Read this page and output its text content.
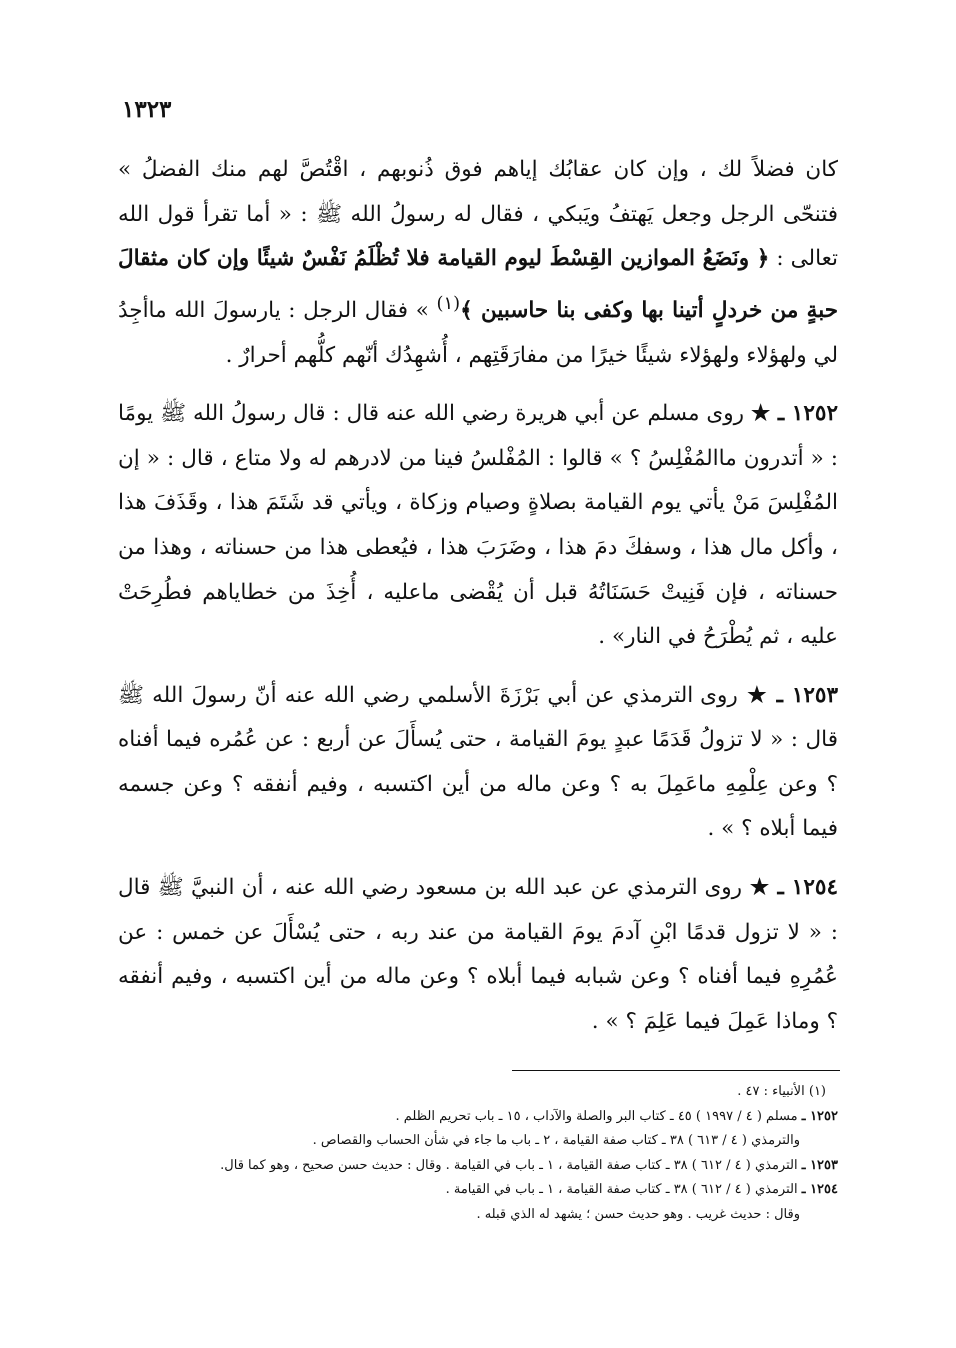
١٣٢٣

كان فضلاً لك ، وإن كان عقابُك إياهم فوق ذُنوبهم ، اقْتُصَّ لهم منك الفضلُ » فتنحّى الرجل وجعل يَهتفُ ويَبكي ، فقال له رسولُ الله ﷺ : « أما تقرأ قول الله تعالى : ﴿ ونَضَعُ الموازين القِسْطَ ليوم القيامة فلا تُظْلَمُ نَفْسٌ شيئًا وإن كان مثقالَ حبةٍ من خردلٍ أتينا بها وكفى بنا حاسبين ﴾$^{(١)}$ » فقال الرجل : يارسولَ الله ماأجِدُ لي ولهؤلاء ولهؤلاء شيئًا خيرًا من مفارَقَتِهم ، أُشهِدُك أنّهم كلُّهم أحرارٌ .

١٢٥٢ ـ ★ روى مسلم عن أبي هريرة رضي الله عنه قال : قال رسولُ الله ﷺ يومًا : « أتدرون ماالمُفْلِسُ ؟ » قالوا : المُفْلسُ فينا من لادرهم له ولا متاع ، قال : « إن المُفْلِسَ مَنْ يأتي يوم القيامة بصلاةٍ وصيام وزكاة ، ويأتي قد شَتَمَ هذا ، وقَذَفَ هذا ، وأكل مال هذا ، وسفكَ دمَ هذا ، وضَرَبَ هذا ، فيُعطى هذا من حسناته ، وهذا من حسناته ، فإن فَنِيتْ حَسَنَاتُهُ قبل أن يُقْضى ماعليه ، أُخِذَ من خطاياهم فطُرِحَتْ عليه ، ثم يُطْرَحُ في النار» .

١٢٥٣ ـ ★ روى الترمذي عن أبي بَرْزَةَ الأسلمي رضي الله عنه أنّ رسولَ الله ﷺ قال : « لا تزولُ قَدَمًا عبدٍ يومَ القيامة ، حتى يُسأَلَ عن أربع : عن عُمُره فيما أفناه ؟ وعن عِلْمِهِ ماعَمِلَ به ؟ وعن ماله من أين اكتسبه ، وفيم أنفقه ؟ وعن جسمه فيما أبلاه ؟ » .

١٢٥٤ ـ ★ روى الترمذي عن عبد الله بن مسعود رضي الله عنه ، أن النبيَّ ﷺ قال : « لا تزول قدمًا ابْنِ آدمَ يومَ القيامة من عند ربه ، حتى يُسْأَلَ عن خمس : عن عُمُرِهِ فيما أفناه ؟ وعن شبابه فيما أبلاه ؟ وعن ماله من أين اكتسبه ، وفيم أنفقه ؟ وماذا عَمِلَ فيما عَلِمَ ؟ » .

(١) الأنبياء : ٤٧ .

١٢٥٢ ـ مسلم ( ٤ / ١٩٩٧ ) ٤٥ ـ كتاب البر والصلة والآداب ، ١٥ ـ باب تحريم الظلم .

والترمذي ( ٤ / ٦١٣ ) ٣٨ ـ كتاب صفة القيامة ، ٢ ـ باب ما جاء في شأن الحساب والقصاص .

١٢٥٣ ـ الترمذي ( ٤ / ٦١٢ ) ٣٨ ـ كتاب صفة القيامة ، ١ ـ باب في القيامة . وقال : حديث حسن صحيح ، وهو كما قال.

١٢٥٤ ـ الترمذي ( ٤ / ٦١٢ ) ٣٨ ـ كتاب صفة القيامة ، ١ ـ باب في القيامة .

وقال : حديث غريب . وهو حديث حسن ؛ يشهد له الذي قبله .
